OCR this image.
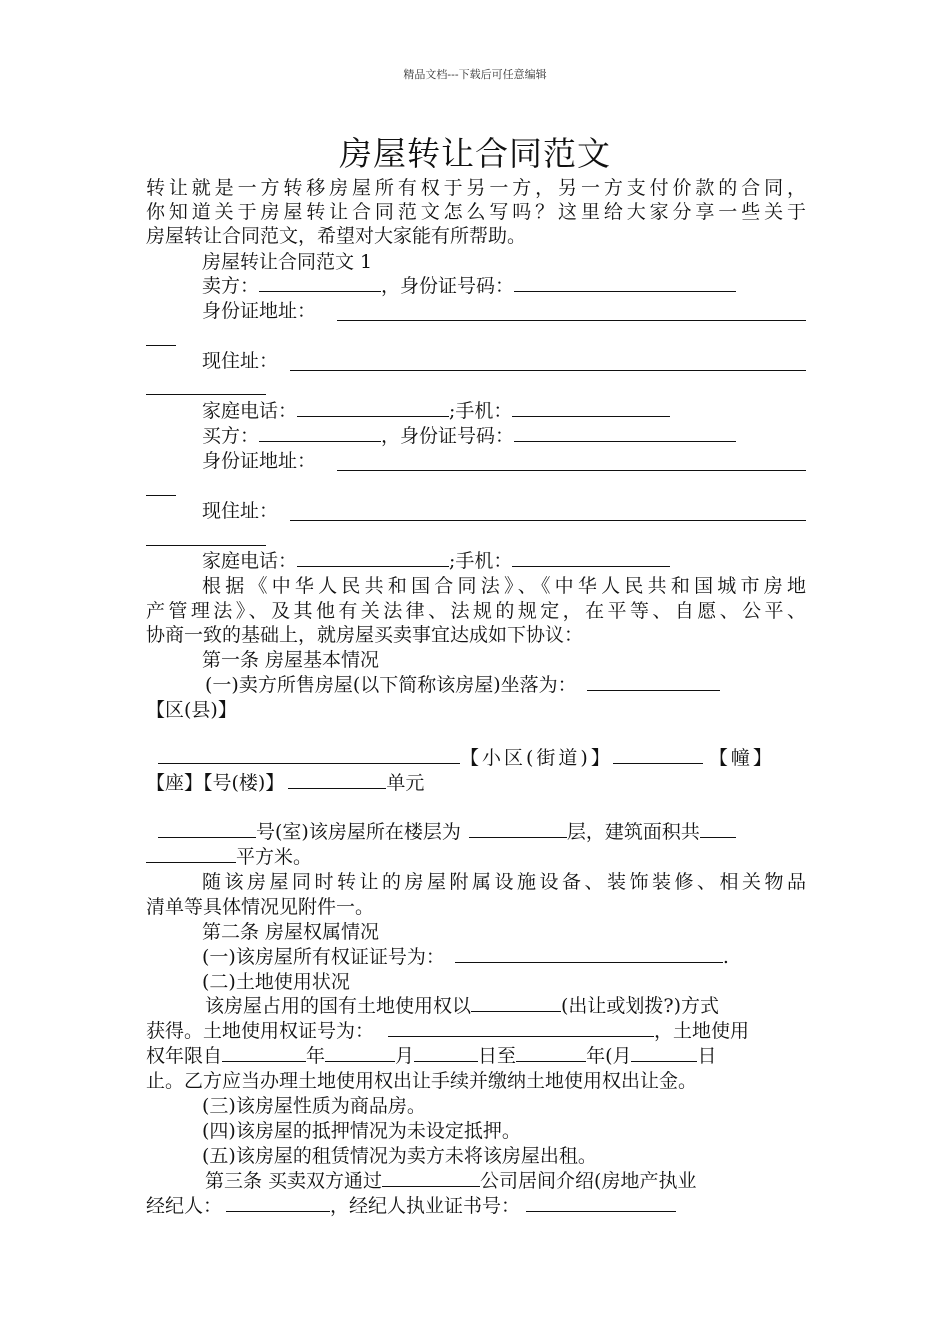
精品文档---下载后可任意编辑
房屋转让合同范文
转让就是一方转移房屋所有权于另一方，另一方支付价款的合同，
你知道关于房屋转让合同范文怎么写吗？这里给大家分享一些关于
房屋转让合同范文，希望对大家能有所帮助。
房屋转让合同范文 1
卖方：	，身份证号码：
身份证地址：
现住址：
家庭电话：	;手机：
买方：	，身份证号码：
身份证地址：
现住址：
家庭电话：	;手机：
根据《中华人民共和国合同法》、《中华人民共和国城市房地
产管理法》、及其他有关法律、法规的规定，在平等、自愿、公平、
协商一致的基础上，就房屋买卖事宜达成如下协议：
第一条 房屋基本情况
(一)卖方所售房屋(以下简称该房屋)坐落为：
【区(县)】
【小区(街道)】	【幢】
【座】【号(楼)】	单元
号(室)该房屋所在楼层为	层，建筑面积共
平方米。
随该房屋同时转让的房屋附属设施设备、装饰装修、相关物品
清单等具体情况见附件一。
第二条 房屋权属情况
(一)该房屋所有权证证号为：	.
(二)土地使用状况
该房屋占用的国有土地使用权以	(出让或划拨?)方式
获得。土地使用权证号为：	，土地使用
权年限自	年	月	日至	年(月	日
止。乙方应当办理土地使用权出让手续并缴纳土地使用权出让金。
(三)该房屋性质为商品房。
(四)该房屋的抵押情况为未设定抵押。
(五)该房屋的租赁情况为卖方未将该房屋出租。
第三条 买卖双方通过	公司居间介绍(房地产执业
经纪人：	，经纪人执业证书号：
